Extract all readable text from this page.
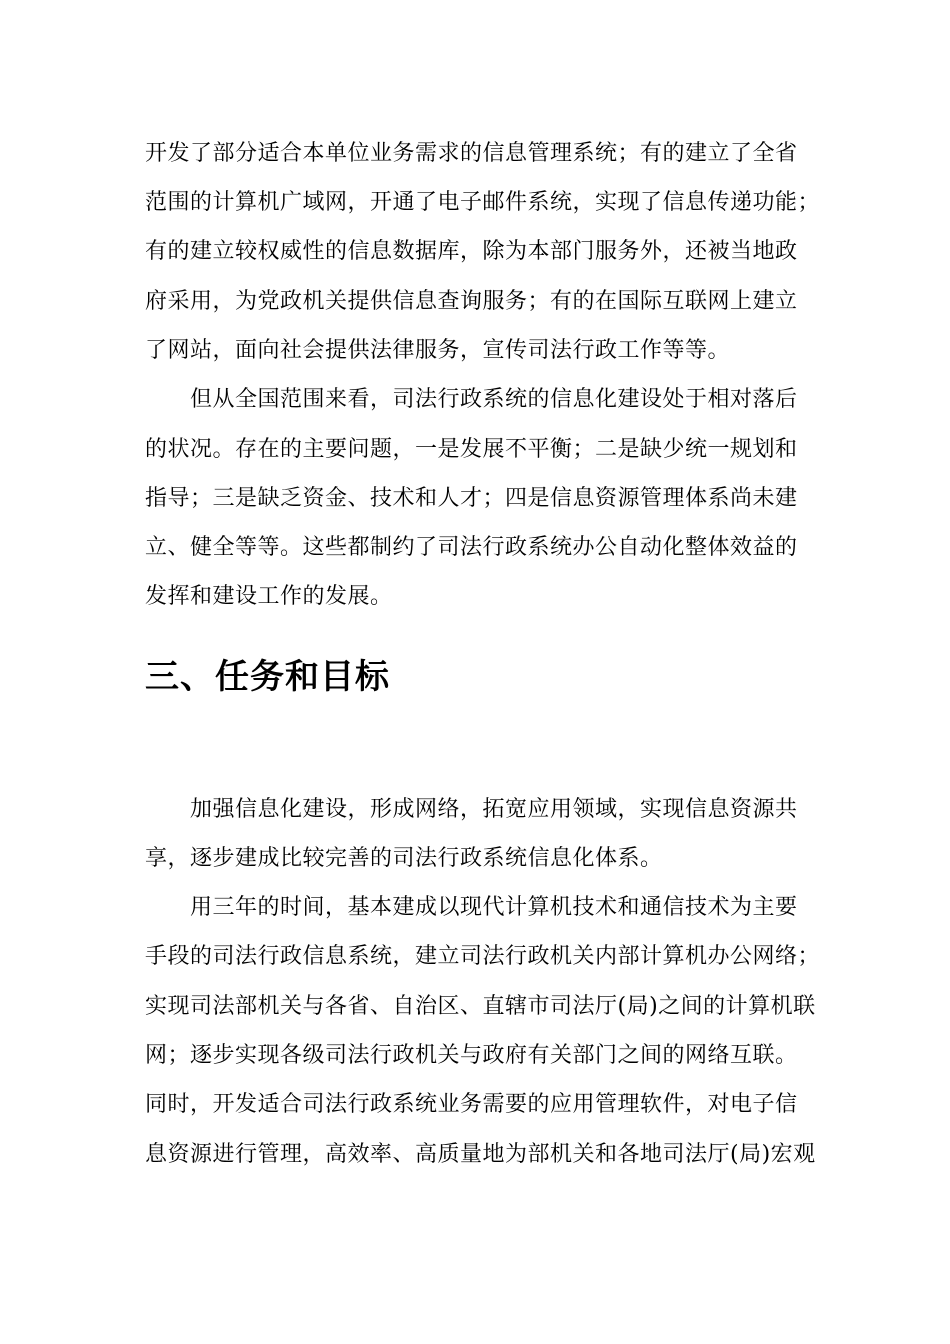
开发了部分适合本单位业务需求的信息管理系统；有的建立了全省
范围的计算机广域网，开通了电子邮件系统，实现了信息传递功能；
有的建立较权威性的信息数据库，除为本部门服务外，还被当地政
府采用，为党政机关提供信息查询服务；有的在国际互联网上建立
了网站，面向社会提供法律服务，宣传司法行政工作等等。
但从全国范围来看，司法行政系统的信息化建设处于相对落后
的状况。存在的主要问题，一是发展不平衡；二是缺少统一规划和
指导；三是缺乏资金、技术和人才；四是信息资源管理体系尚未建
立、健全等等。这些都制约了司法行政系统办公自动化整体效益的
发挥和建设工作的发展。
三、任务和目标
加强信息化建设，形成网络，拓宽应用领域，实现信息资源共
享，逐步建成比较完善的司法行政系统信息化体系。
用三年的时间，基本建成以现代计算机技术和通信技术为主要
手段的司法行政信息系统，建立司法行政机关内部计算机办公网络；
实现司法部机关与各省、自治区、直辖市司法厅(局)之间的计算机联
网；逐步实现各级司法行政机关与政府有关部门之间的网络互联。
同时，开发适合司法行政系统业务需要的应用管理软件，对电子信
息资源进行管理，高效率、高质量地为部机关和各地司法厅(局)宏观
